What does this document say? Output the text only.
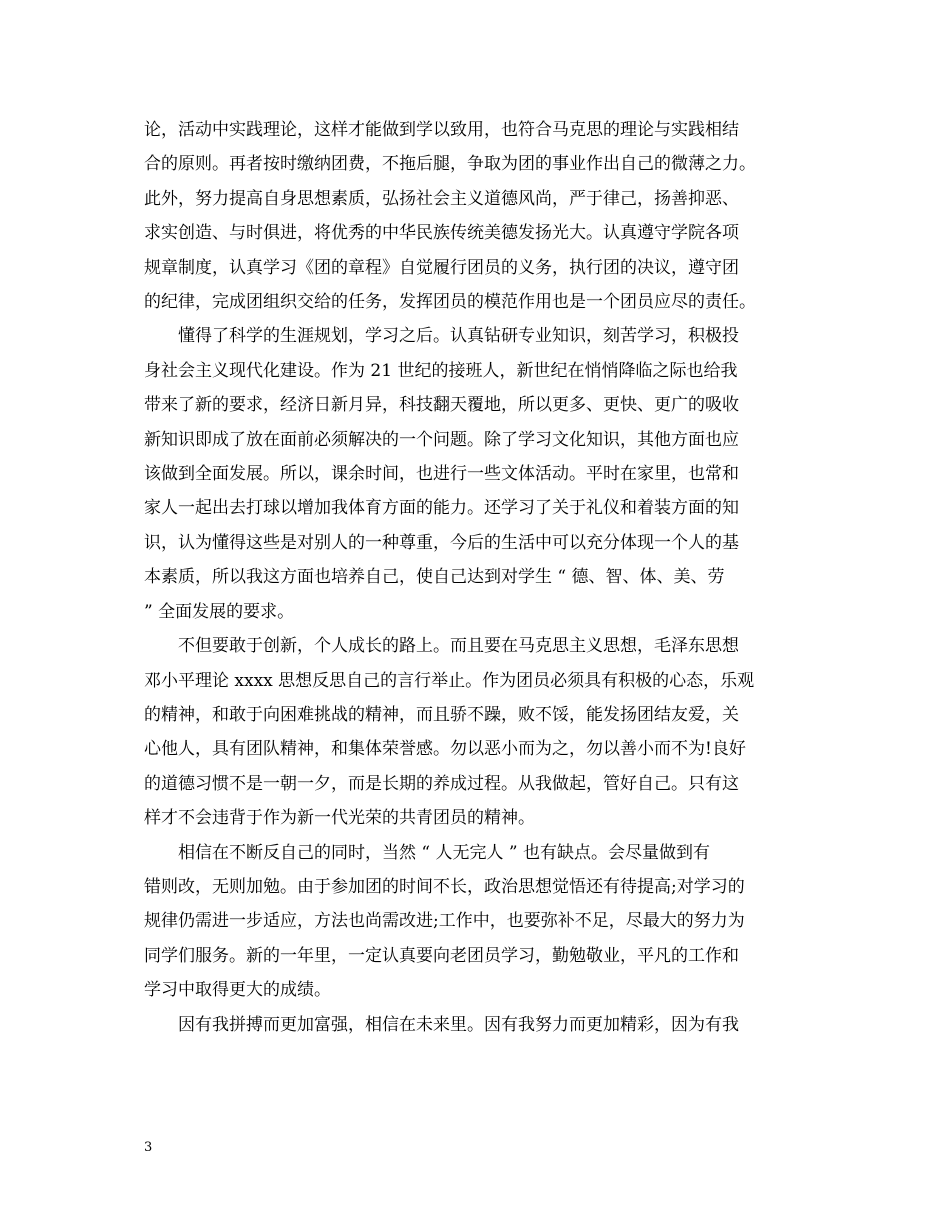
论，活动中实践理论，这样才能做到学以致用，也符合马克思的理论与实践相结
合的原则。再者按时缴纳团费，不拖后腿，争取为团的事业作出自己的微薄之力。
此外，努力提高自身思想素质，弘扬社会主义道德风尚，严于律己，扬善抑恶、
求实创造、与时俱进，将优秀的中华民族传统美德发扬光大。认真遵守学院各项
规章制度，认真学习《团的章程》自觉履行团员的义务，执行团的决议，遵守团
的纪律，完成团组织交给的任务，发挥团员的模范作用也是一个团员应尽的责任。

懂得了科学的生涯规划，学习之后。认真钻研专业知识，刻苦学习，积极投
身社会主义现代化建设。作为 21 世纪的接班人，新世纪在悄悄降临之际也给我
带来了新的要求，经济日新月异，科技翻天覆地，所以更多、更快、更广的吸收
新知识即成了放在面前必须解决的一个问题。除了学习文化知识，其他方面也应
该做到全面发展。所以，课余时间，也进行一些文体活动。平时在家里，也常和
家人一起出去打球以增加我体育方面的能力。还学习了关于礼仪和着装方面的知
识，认为懂得这些是对别人的一种尊重，今后的生活中可以充分体现一个人的基
本素质，所以我这方面也培养自己，使自己达到对学生 “ 德、智、体、美、劳
” 全面发展的要求。

不但要敢于创新，个人成长的路上。而且要在马克思主义思想，毛泽东思想
邓小平理论 xxxx 思想反思自己的言行举止。作为团员必须具有积极的心态，乐观
的精神，和敢于向困难挑战的精神，而且骄不躁，败不馁，能发扬团结友爱，关
心他人，具有团队精神，和集体荣誉感。勿以恶小而为之，勿以善小而不为!良好
的道德习惯不是一朝一夕，而是长期的养成过程。从我做起，管好自己。只有这
样才不会违背于作为新一代光荣的共青团员的精神。

相信在不断反自己的同时，当然 “ 人无完人 ” 也有缺点。会尽量做到有
错则改，无则加勉。由于参加团的时间不长，政治思想觉悟还有待提高;对学习的
规律仍需进一步适应，方法也尚需改进;工作中，也要弥补不足，尽最大的努力为
同学们服务。新的一年里，一定认真要向老团员学习，勤勉敬业，平凡的工作和
学习中取得更大的成绩。

因有我拼搏而更加富强，相信在未来里。因有我努力而更加精彩，因为有我

3
